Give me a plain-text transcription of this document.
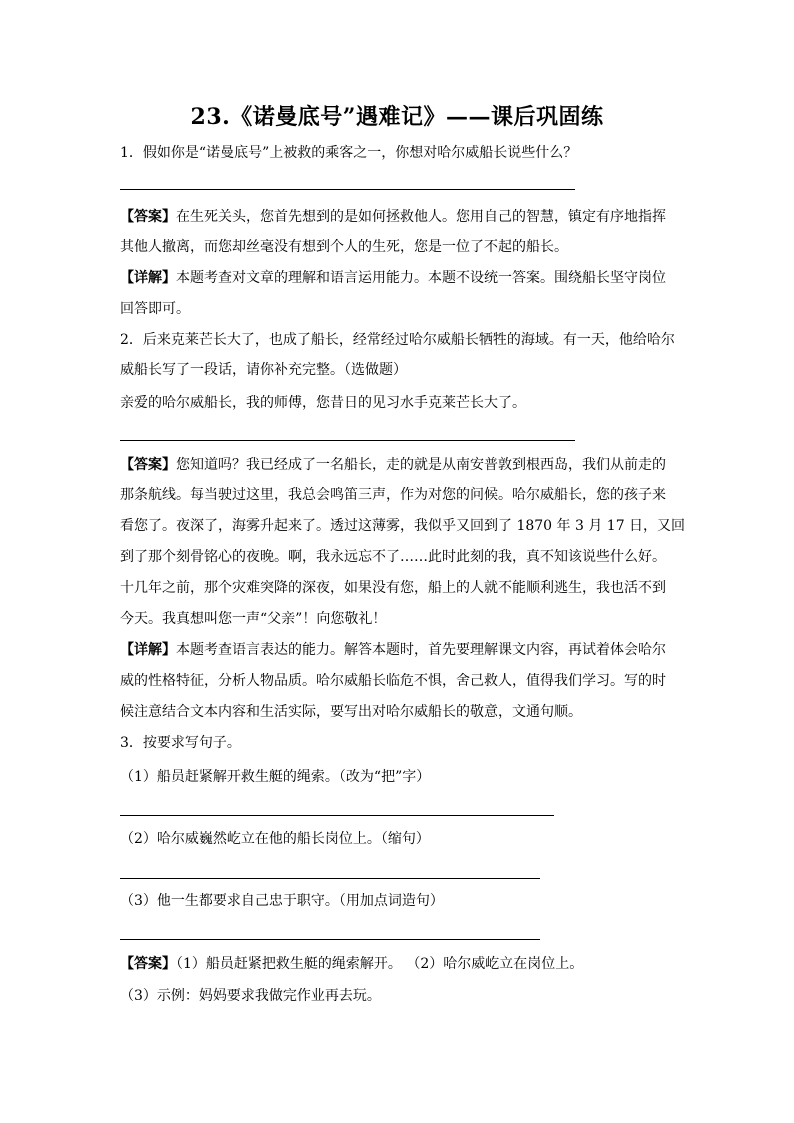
23.《诺曼底号”遇难记》——课后巩固练
1．假如你是“诺曼底号”上被救的乘客之一，你想对哈尔威船长说些什么？
【答案】在生死关头，您首先想到的是如何拯救他人。您用自己的智慧，镇定有序地指挥
其他人撤离，而您却丝毫没有想到个人的生死，您是一位了不起的船长。
【详解】本题考查对文章的理解和语言运用能力。本题不设统一答案。围绕船长坚守岗位
回答即可。
2．后来克莱芒长大了，也成了船长，经常经过哈尔威船长牺牲的海域。有一天，他给哈尔
威船长写了一段话，请你补充完整。（选做题）
亲爱的哈尔威船长，我的师傅，您昔日的见习水手克莱芒长大了。
【答案】您知道吗？我已经成了一名船长，走的就是从南安普敦到根西岛，我们从前走的
那条航线。每当驶过这里，我总会鸣笛三声，作为对您的问候。哈尔威船长，您的孩子来
看您了。夜深了，海雾升起来了。透过这薄雾，我似乎又回到了 1870 年 3 月 17 日，又回
到了那个刻骨铭心的夜晚。啊，我永远忘不了……此时此刻的我，真不知该说些什么好。
十几年之前，那个灾难突降的深夜，如果没有您，船上的人就不能顺利逃生，我也活不到
今天。我真想叫您一声“父亲”！向您敬礼！
【详解】本题考查语言表达的能力。解答本题时，首先要理解课文内容，再试着体会哈尔
威的性格特征，分析人物品质。哈尔威船长临危不惧，舍己救人，值得我们学习。写的时
候注意结合文本内容和生活实际，要写出对哈尔威船长的敬意，文通句顺。
3．按要求写句子。
（1）船员赶紧解开救生艇的绳索。（改为“把”字）
（2）哈尔威巍然屹立在他的船长岗位上。（缩句）
（3）他一生都要求自己忠于职守。（用加点词造句）
【答案】（1）船员赶紧把救生艇的绳索解开。 （2）哈尔威屹立在岗位上。
（3）示例：妈妈要求我做完作业再去玩。
